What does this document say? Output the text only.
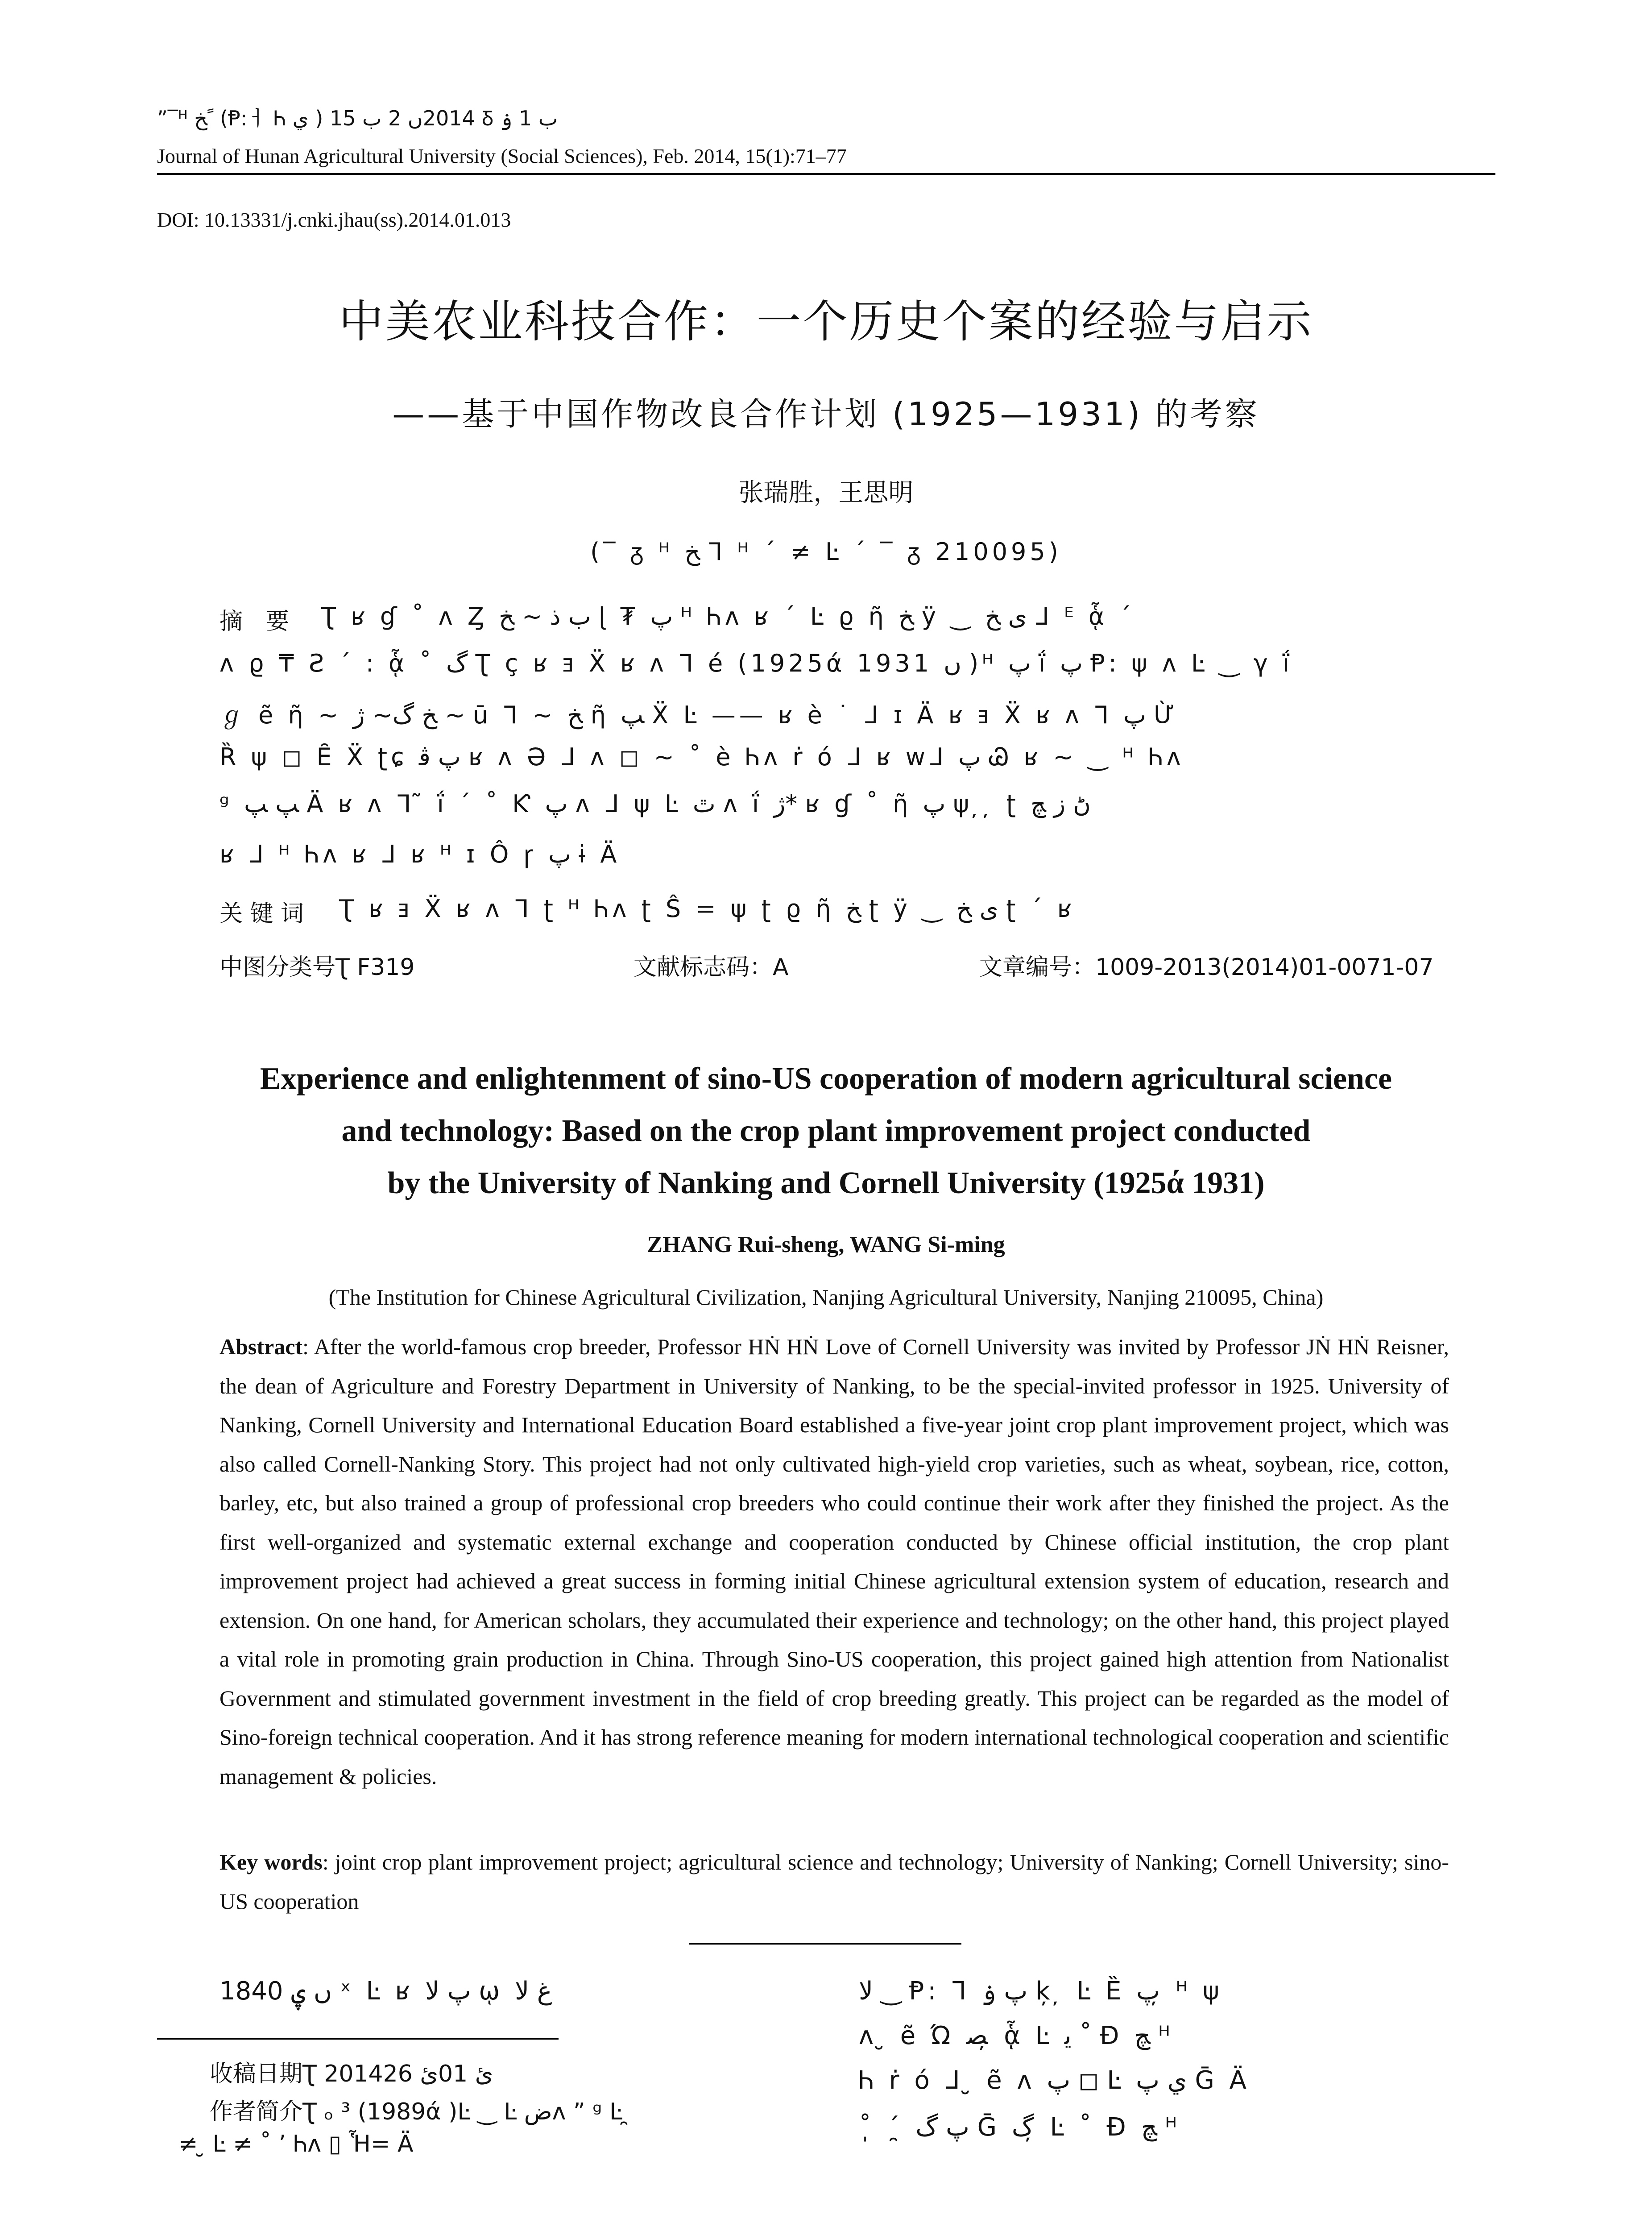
”‾ᴴ ﺦ ً (Ᵽ꞉ㅓ Ꮒ ي ) 2014ں 2 ب 15 Ᵹ ب 1 ۏ
Journal of Hunan Agricultural University (Social Sciences), Feb. 2014, 15(1):71–77
DOI: 10.13331/j.cnki.jhau(ss).2014.01.013
中美农业科技合作：一个历史个案的经验与启示
——基于中国作物改良合作计划 (1925—1931) 的考察
张瑞胜，王思明
(‾ ᵹ ᴴ ﺦ ᒣ ᴴ ˊ ≠ Ŀ ˊ ‾ ᵹ 210095)
摘　要 Ʈ ʁ ɠ ˚ ᴧ Ȥ ب ذ ~ ﺦ ɭ ₮ پ ᴴ Ꮒᴧ ʁ ˊ Ŀ ϱ ῆ ﺦ ÿ ‿ ی ﺦ ᒧ ᴱ ᾇ ˊ
ᴧ ϱ ₸ Ꙅ ˊ ꞉ ᾇ ˚ گ Ʈ ç ʁ ⱻ Ẍ ʁ ᴧ ᒣ é (1925ά 1931 ں )ᴴ پ ḯ پ Ᵽ꞉ ψ ᴧ Ŀ ‿ γ ḯ
ℊ ẽ ῆ ~ ﺦ گ~ ژ ~ ū ᒣ ~ ﺦ ῆ ﭗ Ẍ Ŀ —— ʁ è ˙ ᒧ ɪ Ä ʁ ⱻ Ẍ ʁ ᴧ ᒣ پ Ừ
Ȑ ψ ◻ Ȇ Ẍ ʈɕ پ ﭬ ʁ ᴧ Ə ᒧ ᴧ ◻ ~ ˚ è Ꮒᴧ ṙ ó ᒧ ʁ ᴡᒧ پ Ꮚ ʁ ~ ‿ ᴴ Ꮒᴧ
ᵍ ﭗ ﭗ Ä ʁ ᴧ ᒣ ̃ ḯ ˊ ˚ Ƙ پ ᴧ ᒧ ψ Ŀ ٿ ᴧ ḯ ژ* ʁ ɠ ˚ ῆ پ ψ ̦ ̦ ʈ ڻ ز ﭻ
ʁ ᒧ ᴴ Ꮒᴧ ʁ ᒧ ʁ ᴴ ɪ Ô ꞅ ﭖ ɨ Ä
关 键 词 Ʈ ʁ ⱻ Ẍ ʁ ᴧ ᒣ ʈ ᴴ Ꮒᴧ ʈ Ŝ = ψ ʈ ϱ ῆ ﺦ ʈ ÿ ‿ ی ﺦ ʈ ˊ ʁ
中图分类号Ʈ F319	文献标志码：A	文章编号：1009-2013(2014)01-0071-07
Experience and enlightenment of sino-US cooperation of modern agricultural science
and technology: Based on the crop plant improvement project conducted
by the University of Nanking and Cornell University (1925ά 1931)
ZHANG Rui-sheng, WANG Si-ming
(The Institution for Chinese Agricultural Civilization, Nanjing Agricultural University, Nanjing 210095, China)
Abstract: After the world-famous crop breeder, Professor HṄ HṄ Love of Cornell University was invited by Professor JṄ HṄ Reisner, the dean of Agriculture and Forestry Department in University of Nanking, to be the special-invited professor in 1925. University of Nanking, Cornell University and International Education Board established a five-year joint crop plant improvement project, which was also called Cornell-Nanking Story. This project had not only cultivated high-yield crop varieties, such as wheat, soybean, rice, cotton, barley, etc, but also trained a group of professional crop breeders who could continue their work after they finished the project. As the first well-organized and systematic external exchange and cooperation conducted by Chinese official institution, the crop plant improvement project had achieved a great success in forming initial Chinese agricultural extension system of education, research and extension. On one hand, for American scholars, they accumulated their experience and technology; on the other hand, this project played a vital role in promoting grain production in China. Through Sino-US cooperation, this project gained high attention from Nationalist Government and stimulated government investment in the field of crop breeding greatly. This project can be regarded as the model of Sino-foreign technical cooperation. And it has strong reference meaning for modern international technological cooperation and scientific management & policies.
Key words: joint crop plant improvement project; agricultural science and technology; University of Nanking; Cornell University; sino-US cooperation
1840 ں ۑ ˣ Ŀ ʁ پ ﻻ ῳ ﻍ ﻻ
收稿日期Ʈ 2014ﺉ 01ﺉ 26
作者简介Ʈ ₒ ³ (1989ά )Ŀ ‿ Ŀ ﺽᴧ ” ᵍ Ŀ ̯
≠ ̮ Ŀ ≠ ˚ ’ Ꮒᴧ ▯ Ἧ= Ä
ﻻ ‿ Ᵽ꞉ ᒣ پ ۏ ķ ̦ Ŀ Ȅ پ ̦ ᴴ ψ
ᴧ ̮ ẽ Ώ ﺼ ̦ ᾇ Ŀ ﻳ ˚ Ɖ ﭻ ᴴ
Ꮒ ṙ ó ᒧ ̮ ẽ ᴧ پ ◻ Ŀ ي ﭖ Ḡ Ä
˚ ̩ ˊ ̯ پ گ Ḡ گ ̦ Ŀ ˚ Ɖ ﭻ ᴴ
